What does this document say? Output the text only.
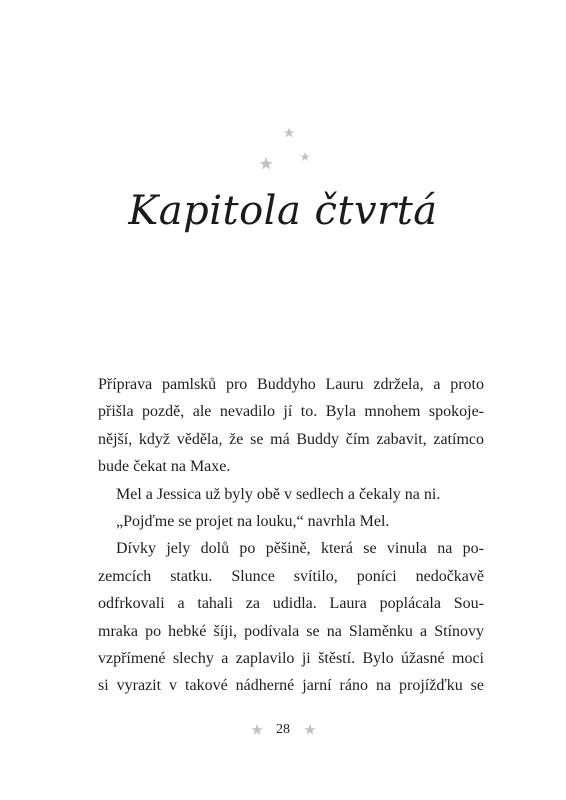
Kapitola čtvrtá

Příprava pamlsků pro Buddyho Lauru zdržela, a proto
přišla pozdě, ale nevadilo jí to. Byla mnohem spokoje-
nější, když věděla, že se má Buddy čím zabavit, zatímco
bude čekat na Maxe.

Mel a Jessica už byly obě v sedlech a čekaly na ni.

„Pojďme se projet na louku,“ navrhla Mel.

Dívky jely dolů po pěšině, která se vinula na po-
zemcích statku. Slunce svítilo, poníci nedočkavě
odfrkovali a tahali za udidla. Laura poplácala Sou-
mraka po hebké šíji, podívala se na Slaměnku a Stínovy
vzpřímené slechy a zaplavilo ji štěstí. Bylo úžasné moci
si vyrazit v takové nádherné jarní ráno na projížďku se

28
